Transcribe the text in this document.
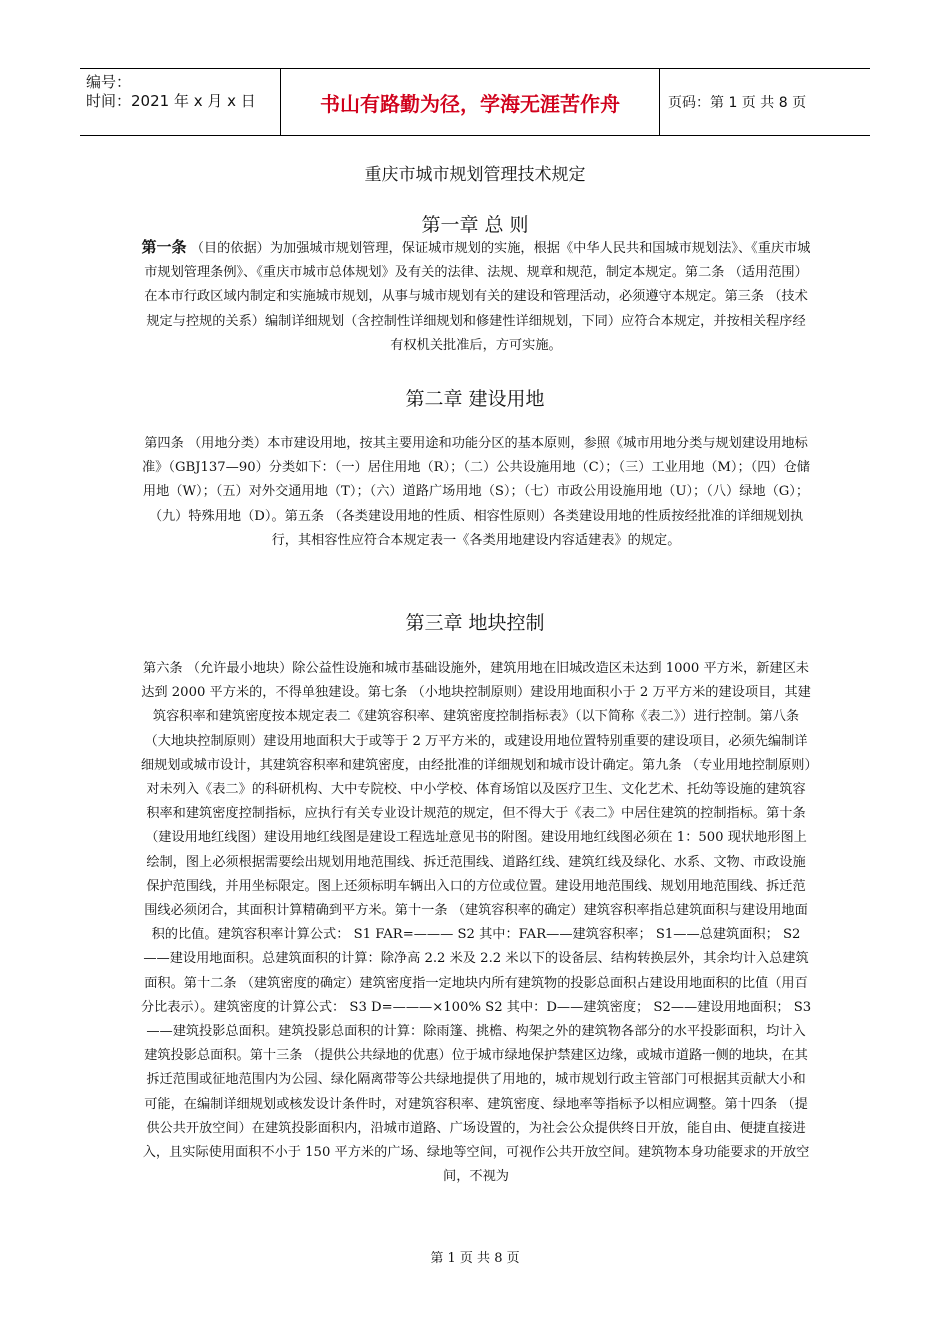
编号：
时间：2021 年 x 月 x 日	书山有路勤为径，学海无涯苦作舟	页码：第 1 页 共 8 页
重庆市城市规划管理技术规定
第一章 总 则
第一条 （目的依据）为加强城市规划管理，保证城市规划的实施，根据《中华人民共和国城市规划法》、《重庆市城市规划管理条例》、《重庆市城市总体规划》及有关的法律、法规、规章和规范，制定本规定。第二条 （适用范围）在本市行政区域内制定和实施城市规划，从事与城市规划有关的建设和管理活动，必须遵守本规定。第三条 （技术规定与控规的关系）编制详细规划（含控制性详细规划和修建性详细规划，下同）应符合本规定，并按相关程序经有权机关批准后，方可实施。
第二章 建设用地
第四条 （用地分类）本市建设用地，按其主要用途和功能分区的基本原则，参照《城市用地分类与规划建设用地标准》（GBJ137—90）分类如下：（一）居住用地（R）；（二）公共设施用地（C）；（三）工业用地（M）；（四）仓储用地（W）；（五）对外交通用地（T）；（六）道路广场用地（S）；（七）市政公用设施用地（U）；（八）绿地（G）；（九）特殊用地（D）。第五条 （各类建设用地的性质、相容性原则）各类建设用地的性质按经批准的详细规划执行，其相容性应符合本规定表一《各类用地建设内容适建表》的规定。
第三章 地块控制
第六条 （允许最小地块）除公益性设施和城市基础设施外，建筑用地在旧城改造区未达到 1000 平方米，新建区未达到 2000 平方米的，不得单独建设。第七条 （小地块控制原则）建设用地面积小于 2 万平方米的建设项目，其建筑容积率和建筑密度按本规定表二《建筑容积率、建筑密度控制指标表》（以下简称《表二》）进行控制。第八条 （大地块控制原则）建设用地面积大于或等于 2 万平方米的，或建设用地位置特别重要的建设项目，必须先编制详细规划或城市设计，其建筑容积率和建筑密度，由经批准的详细规划和城市设计确定。第九条 （专业用地控制原则）对未列入《表二》的科研机构、大中专院校、中小学校、体育场馆以及医疗卫生、文化艺术、托幼等设施的建筑容积率和建筑密度控制指标，应执行有关专业设计规范的规定，但不得大于《表二》中居住建筑的控制指标。第十条 （建设用地红线图）建设用地红线图是建设工程选址意见书的附图。建设用地红线图必须在 1：500 现状地形图上绘制，图上必须根据需要绘出规划用地范围线、拆迁范围线、道路红线、建筑红线及绿化、水系、文物、市政设施保护范围线，并用坐标限定。图上还须标明车辆出入口的方位或位置。建设用地范围线、规划用地范围线、拆迁范围线必须闭合，其面积计算精确到平方米。第十一条 （建筑容积率的确定）建筑容积率指总建筑面积与建设用地面积的比值。建筑容积率计算公式： S1 FAR=——— S2 其中：FAR——建筑容积率； S1——总建筑面积； S2——建设用地面积。总建筑面积的计算：除净高 2.2 米及 2.2 米以下的设备层、结构转换层外，其余均计入总建筑面积。第十二条 （建筑密度的确定）建筑密度指一定地块内所有建筑物的投影总面积占建设用地面积的比值（用百分比表示）。建筑密度的计算公式： S3 D=———×100% S2 其中：D——建筑密度； S2——建设用地面积； S3——建筑投影总面积。建筑投影总面积的计算：除雨篷、挑檐、构架之外的建筑物各部分的水平投影面积，均计入建筑投影总面积。第十三条 （提供公共绿地的优惠）位于城市绿地保护禁建区边缘，或城市道路一侧的地块，在其拆迁范围或征地范围内为公园、绿化隔离带等公共绿地提供了用地的，城市规划行政主管部门可根据其贡献大小和可能，在编制详细规划或核发设计条件时，对建筑容积率、建筑密度、绿地率等指标予以相应调整。第十四条 （提供公共开放空间）在建筑投影面积内，沿城市道路、广场设置的，为社会公众提供终日开放，能自由、便捷直接进入，且实际使用面积不小于 150 平方米的广场、绿地等空间，可视作公共开放空间。建筑物本身功能要求的开放空间，不视为
第 1 页 共 8 页
